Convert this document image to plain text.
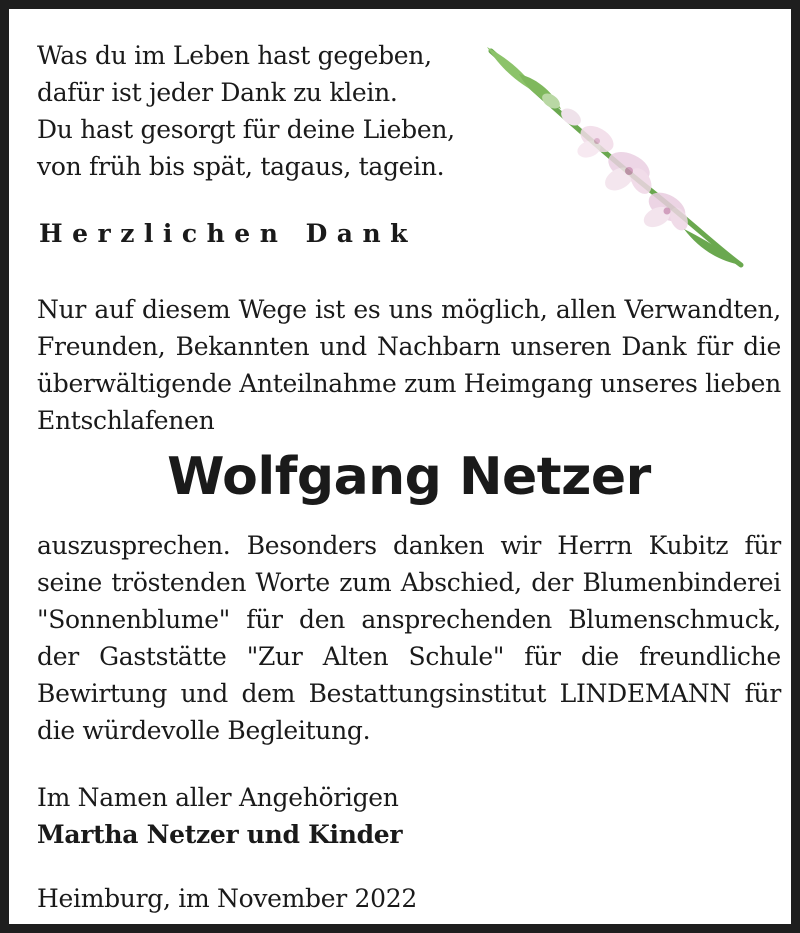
Was du im Leben hast gegeben,
dafür ist jeder Dank zu klein.
Du hast gesorgt für deine Lieben,
von früh bis spät, tagaus, tagein.
Herzlichen Dank
Nur auf diesem Wege ist es uns möglich, allen Verwandten,
Freunden, Bekannten und Nachbarn unseren Dank für die
überwältigende Anteilnahme zum Heimgang unseres lieben
Entschlafenen
Wolfgang Netzer
auszusprechen. Besonders danken wir Herrn Kubitz für
seine tröstenden Worte zum Abschied, der Blumenbinderei
"Sonnenblume" für den ansprechenden Blumenschmuck,
der Gaststätte "Zur Alten Schule" für die freundliche
Bewirtung und dem Bestattungsinstitut LINDEMANN für
die würdevolle Begleitung.
Im Namen aller Angehörigen
Martha Netzer und Kinder
Heimburg, im November 2022
